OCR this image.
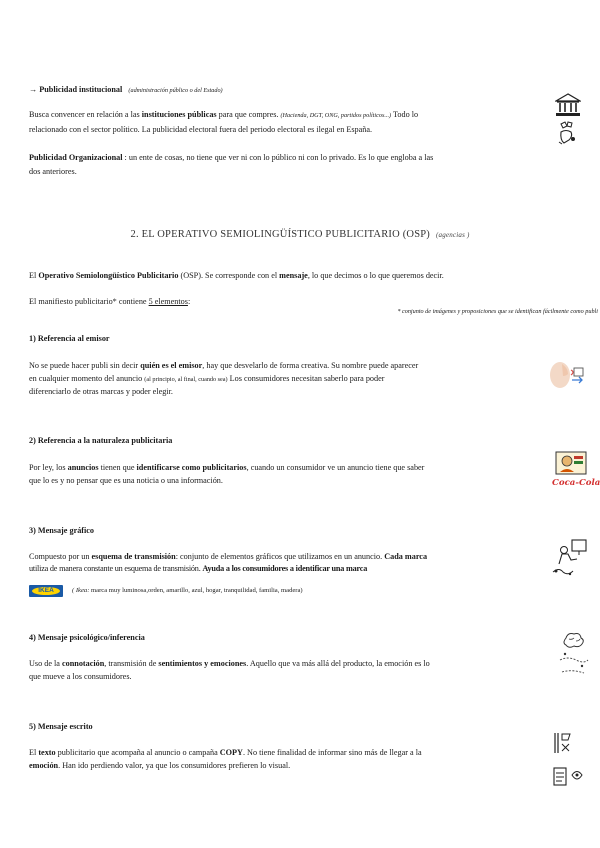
→ Publicidad institucional (administración público o del Estado)
Busca convencer en relación a las instituciones públicas para que compres. (Hacienda, DGT, ONG, partidos políticos...) Todo lo
relacionado con el sector político. La publicidad electoral fuera del periodo electoral es ilegal en España.
Publicidad Organizacional : un ente de cosas, no tiene que ver ni con lo público ni con lo privado. Es lo que engloba a las
dos anteriores.
2. EL OPERATIVO SEMIOLINGÜÍSTICO PUBLICITARIO (OSP) (agencias )
El Operativo Semiolongüístico Publicitario (OSP). Se corresponde con el mensaje, lo que decimos o lo que queremos decir.
El manifiesto publicitario* contiene 5 elementos:
* conjunto de imágenes y proposiciones que se identifican fácilmente como publi
1) Referencia al emisor
No se puede hacer publi sin decir quién es el emisor, hay que desvelarlo de forma creativa. Su nombre puede aparecer
en cualquier momento del anuncio (al principio, al final, cuando sea) Los consumidores necesitan saberlo para poder
diferenciarlo de otras marcas y poder elegir.
2) Referencia a la naturaleza publicitaria
Por ley, los anuncios tienen que identificarse como publicitarios, cuando un consumidor ve un anuncio tiene que saber
que lo es y no pensar que es una noticia o una información.
3) Mensaje gráfico
Compuesto por un esquema de transmisión: conjunto de elementos gráficos que utilizamos en un anuncio. Cada marca
utiliza de manera constante un esquema de transmisión. Ayuda a los consumidores a identificar una marca
IKEA	( Ikea: marca muy luminosa,orden, amarillo, azul, hogar, tranquilidad, familia, madera)
4) Mensaje psicológico/inferencia
Uso de la connotación, transmisión de sentimientos y emociones. Aquello que va más allá del producto, la emoción es lo
que mueve a los consumidores.
5) Mensaje escrito
El texto publicitario que acompaña al anuncio o campaña COPY. No tiene finalidad de informar sino más de llegar a la
emoción. Han ido perdiendo valor, ya que los consumidores prefieren lo visual.
Coca-Cola
